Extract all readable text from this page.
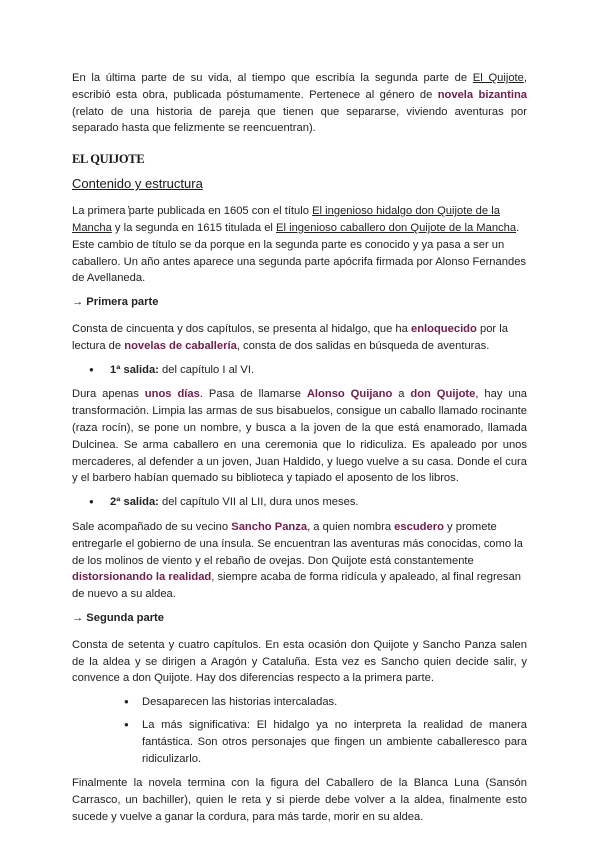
En la última parte de su vida, al tiempo que escribía la segunda parte de El Quijote, escribió esta obra, publicada póstumamente. Pertenece al género de novela bizantina (relato de una historia de pareja que tienen que separarse, viviendo aventuras por separado hasta que felizmente se reencuentran).

EL QUIJOTE
Contenido y estructura

La primera ̓parte publicada en 1605 con el título El ingenioso hidalgo don Quijote de la Mancha y la segunda en 1615 titulada el El ingenioso caballero don Quijote de la Mancha. Este cambio de título se da porque en la segunda parte es conocido y ya pasa a ser un caballero. Un año antes aparece una segunda parte apócrifa firmada por Alonso Fernandes de Avellaneda.

→ Primera parte

Consta de cincuenta y dos capítulos, se presenta al hidalgo, que ha enloquecido por la lectura de novelas de caballería, consta de dos salidas en búsqueda de aventuras.

● 1ª salida: del capítulo I al VI.

Dura apenas unos días. Pasa de llamarse Alonso Quijano a don Quijote, hay una transformación. Limpia las armas de sus bisabuelos, consigue un caballo llamado rocinante (raza rocín), se pone un nombre, y busca a la joven de la que está enamorado, llamada Dulcinea. Se arma caballero en una ceremonia que lo ridiculiza. Es apaleado por unos mercaderes, al defender a un joven, Juan Haldido, y luego vuelve a su casa. Donde el cura y el barbero habían quemado su biblioteca y tapiado el aposento de los libros.

● 2ª salida: del capítulo VII al LII, dura unos meses.

Sale acompañado de su vecino Sancho Panza, a quien nombra escudero y promete entregarle el gobierno de una ínsula. Se encuentran las aventuras más conocidas, como la de los molinos de viento y el rebaño de ovejas. Don Quijote está constantemente distorsionando la realidad, siempre acaba de forma ridícula y apaleado, al final regresan de nuevo a su aldea.

→ Segunda parte

Consta de setenta y cuatro capítulos. En esta ocasión don Quijote y Sancho Panza salen de la aldea y se dirigen a Aragón y Cataluña. Esta vez es Sancho quien decide salir, y convence a don Quijote. Hay dos diferencias respecto a la primera parte.

● Desaparecen las historias intercaladas.
● La más significativa: El hidalgo ya no interpreta la realidad de manera fantástica. Son otros personajes que fingen un ambiente caballeresco para ridiculizarlo.

Finalmente la novela termina con la figura del Caballero de la Blanca Luna (Sansón Carrasco, un bachiller), quien le reta y si pierde debe volver a la aldea, finalmente esto sucede y vuelve a ganar la cordura, para más tarde, morir en su aldea.
